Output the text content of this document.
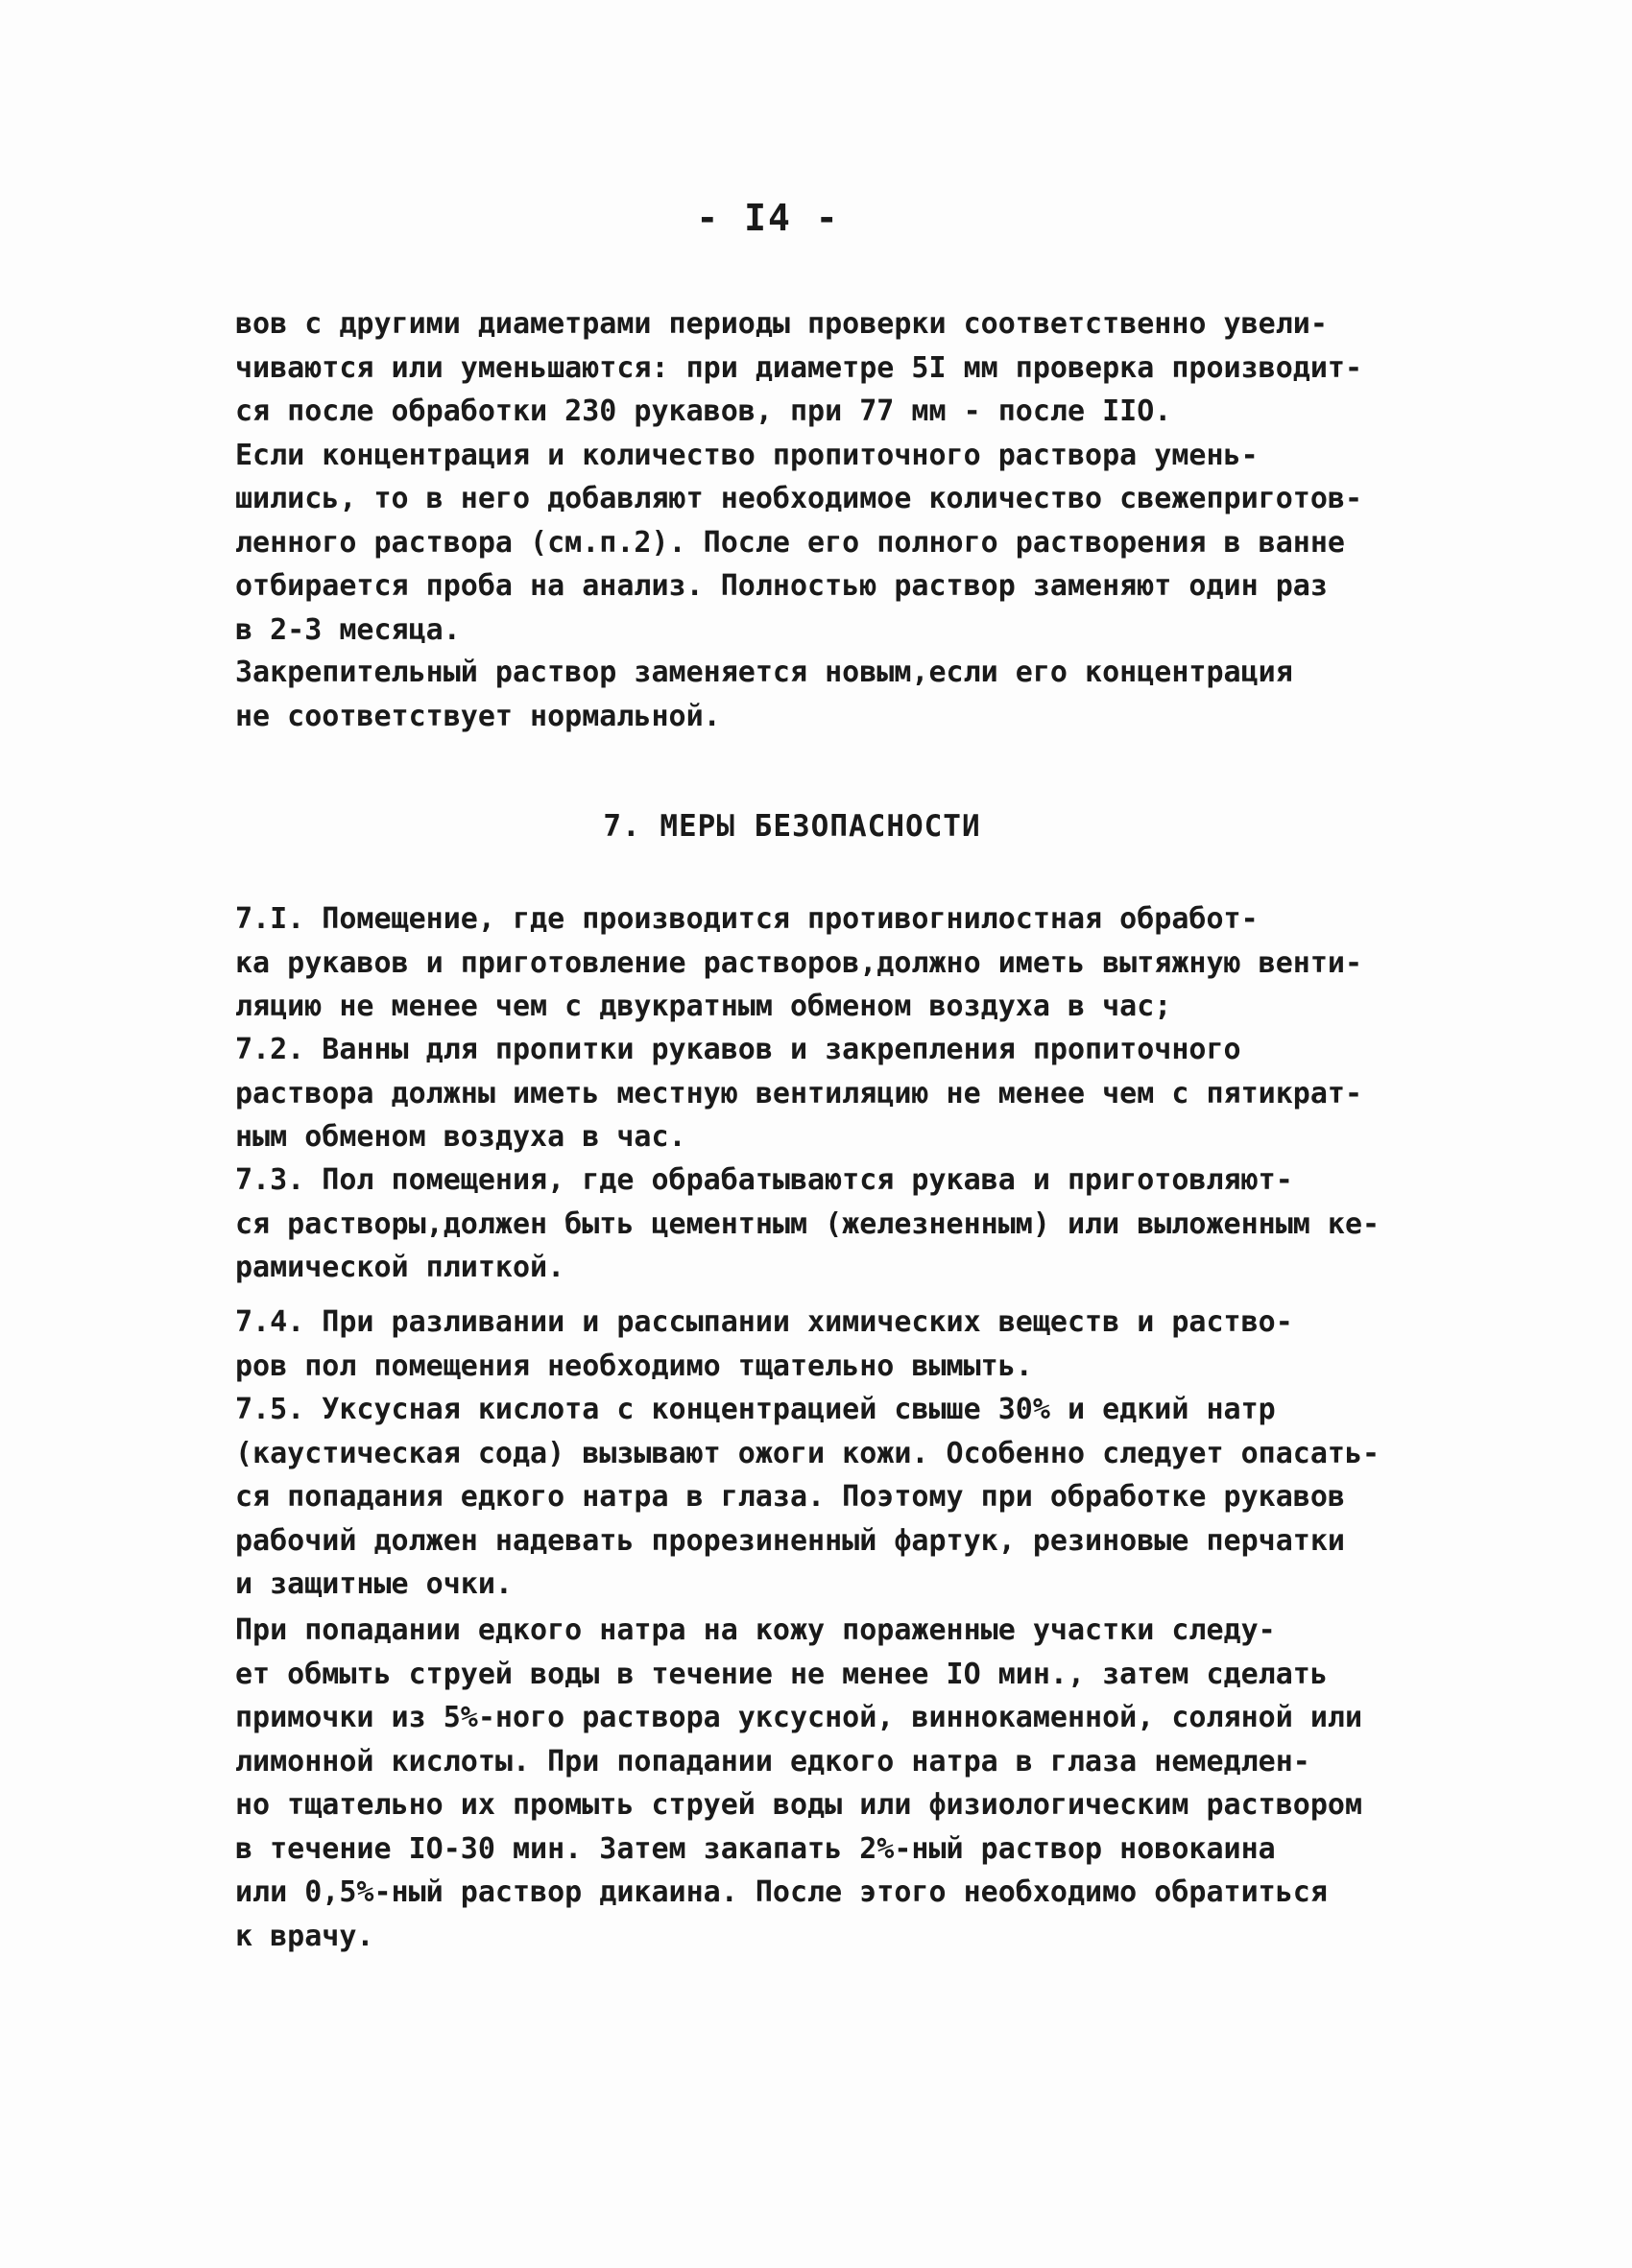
- I4 -
вов с другими диаметрами периоды проверки соответственно увели-
чиваются или уменьшаются: при диаметре 5I мм проверка производит-
ся после обработки 230 рукавов, при 77 мм - после IIO.
Если концентрация и количество пропиточного раствора умень-
шились, то в него добавляют необходимое количество свежеприготов-
ленного раствора (см.п.2). После его полного растворения в ванне
отбирается проба на анализ. Полностью раствор заменяют один раз
в 2-3 месяца.
Закрепительный раствор заменяется новым,если его концентрация
не соответствует нормальной.
7. МЕРЫ БЕЗОПАСНОСТИ
7.I. Помещение, где производится противогнилостная обработ-
ка рукавов и приготовление растворов,должно иметь вытяжную венти-
ляцию не менее чем с двукратным обменом воздуха в час;
7.2. Ванны для пропитки рукавов и закрепления пропиточного
раствора должны иметь местную вентиляцию не менее чем с пятикрат-
ным обменом воздуха в час.
7.3. Пол помещения, где обрабатываются рукава и приготовляют-
ся растворы,должен быть цементным (железненным) или выложенным ке-
рамической плиткой.
7.4. При разливании и рассыпании химических веществ и раство-
ров пол помещения необходимо тщательно вымыть.
7.5. Уксусная кислота с концентрацией свыше 30% и едкий натр
(каустическая сода) вызывают ожоги кожи. Особенно следует опасать-
ся попадания едкого натра в глаза. Поэтому при обработке рукавов
рабочий должен надевать прорезиненный фартук, резиновые перчатки
и защитные очки.
При попадании едкого натра на кожу пораженные участки следу-
ет обмыть струей воды в течение не менее IO мин., затем сделать
примочки из 5%-ного раствора уксусной, виннокаменной, соляной или
лимонной кислоты. При попадании едкого натра в глаза немедлен-
но тщательно их промыть струей воды или физиологическим раствором
в течение IO-30 мин. Затем закапать 2%-ный раствор новокаина
или 0,5%-ный раствор дикаина. После этого необходимо обратиться
к врачу.
